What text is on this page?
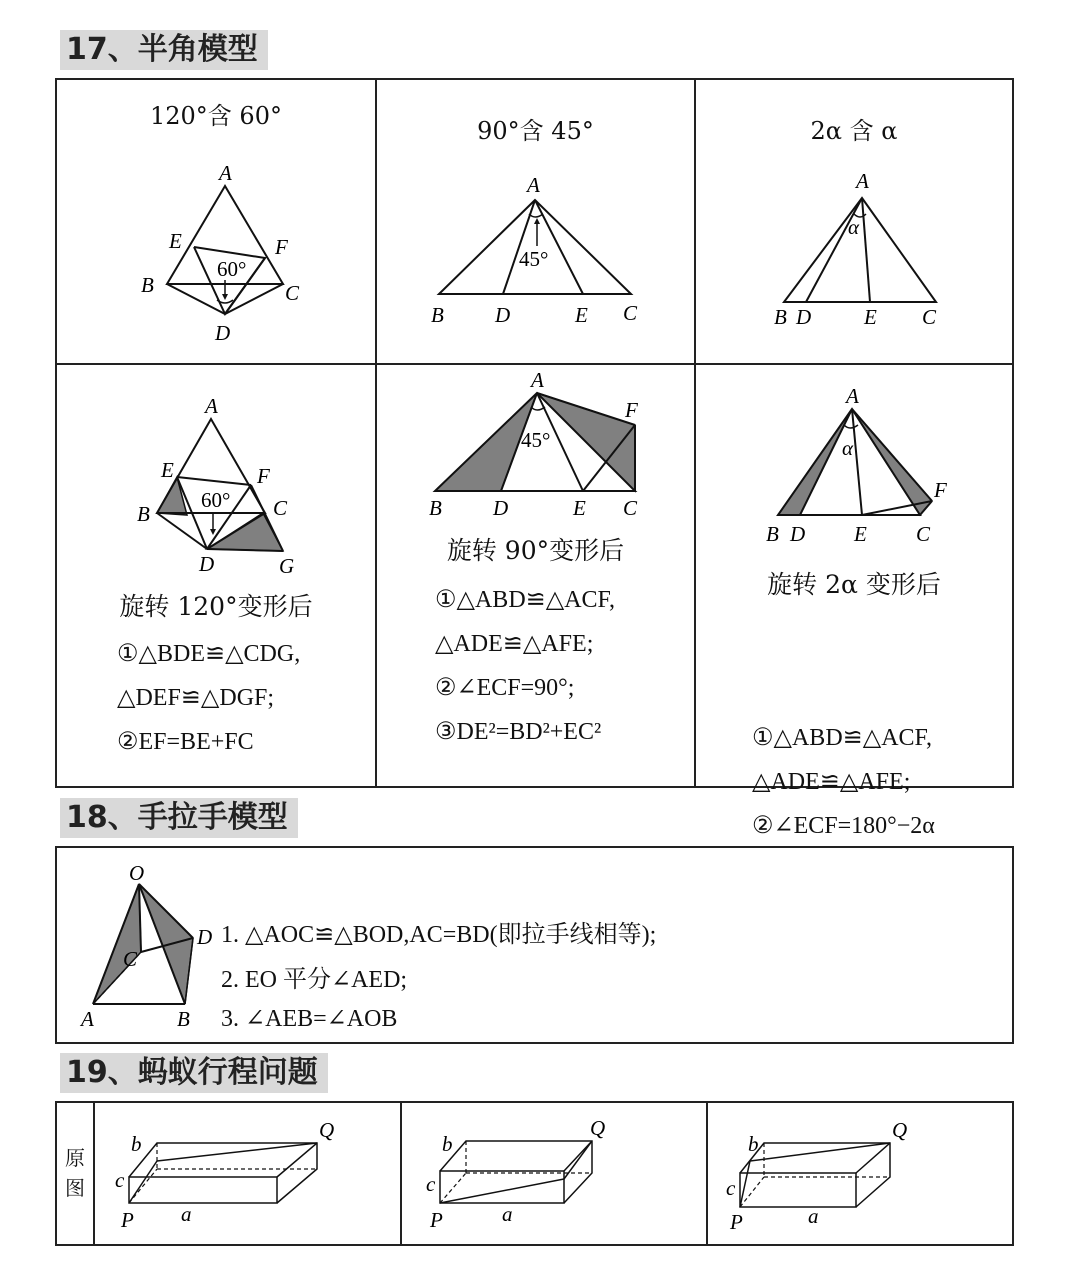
17、半角模型
120°含 60°
A
E	F
B	C
D
60°
90°含 45°
A
B D	E C
45°
2α 含 α
A
B D	E C
α
A
E	F
B	C
D	G
60°
旋转 120°变形后
①△BDE≌△CDG,
△DEF≌△DGF;
②EF=BE+FC
A
F
B D	E C
45°
旋转 90°变形后
①△ABD≌△ACF,
△ADE≌△AFE;
②∠ECF=90°;
③DE²=BD²+EC²
A
F
B D E C
α
旋转 2α 变形后
①△ABD≌△ACF,
△ADE≌△AFE;
②∠ECF=180°−2α
18、手拉手模型
O
D
C
A	B
1. △AOC≌△BOD,AC=BD(即拉手线相等);
2. EO 平分∠AED;
3. ∠AEB=∠AOB
19、蚂蚁行程问题
原图
b
c
P a
Q
b
c
P	a
Q
b
c
P	a
Q
